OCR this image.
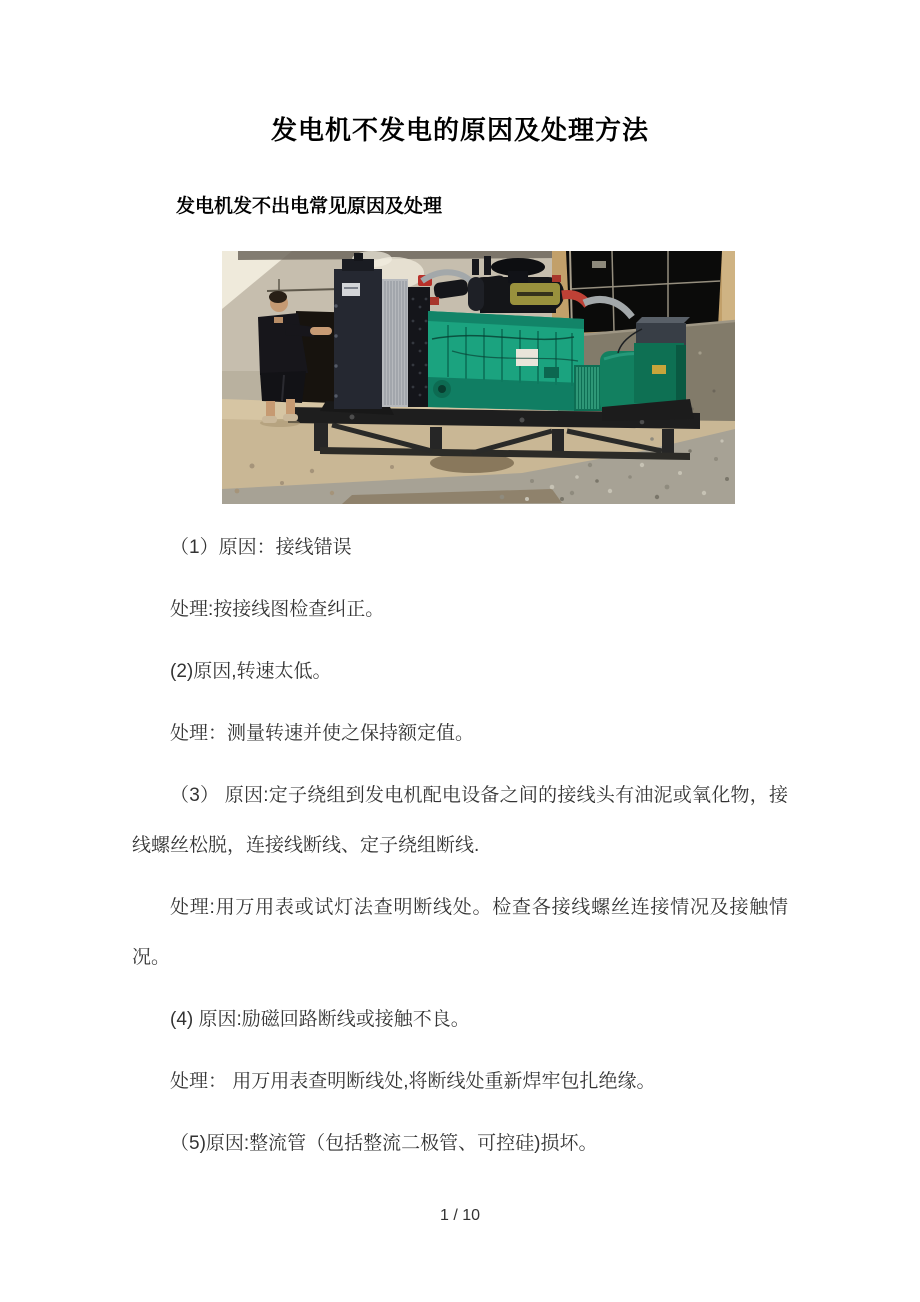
发电机不发电的原因及处理方法
发电机发不出电常见原因及处理

（1）原因：接线错误

处理:按接线图检查纠正。

(2)原因,转速太低。

处理：测量转速并使之保持额定值。

（3） 原因:定子绕组到发电机配电设备之间的接线头有油泥或氧化物，接线螺丝松脱，连接线断线、定子绕组断线.

处理:用万用表或试灯法查明断线处。检查各接线螺丝连接情况及接触情况。

(4) 原因:励磁回路断线或接触不良。

处理： 用万用表查明断线处,将断线处重新焊牢包扎绝缘。

（5)原因:整流管（包括整流二极管、可控硅)损坏。

1 / 10
